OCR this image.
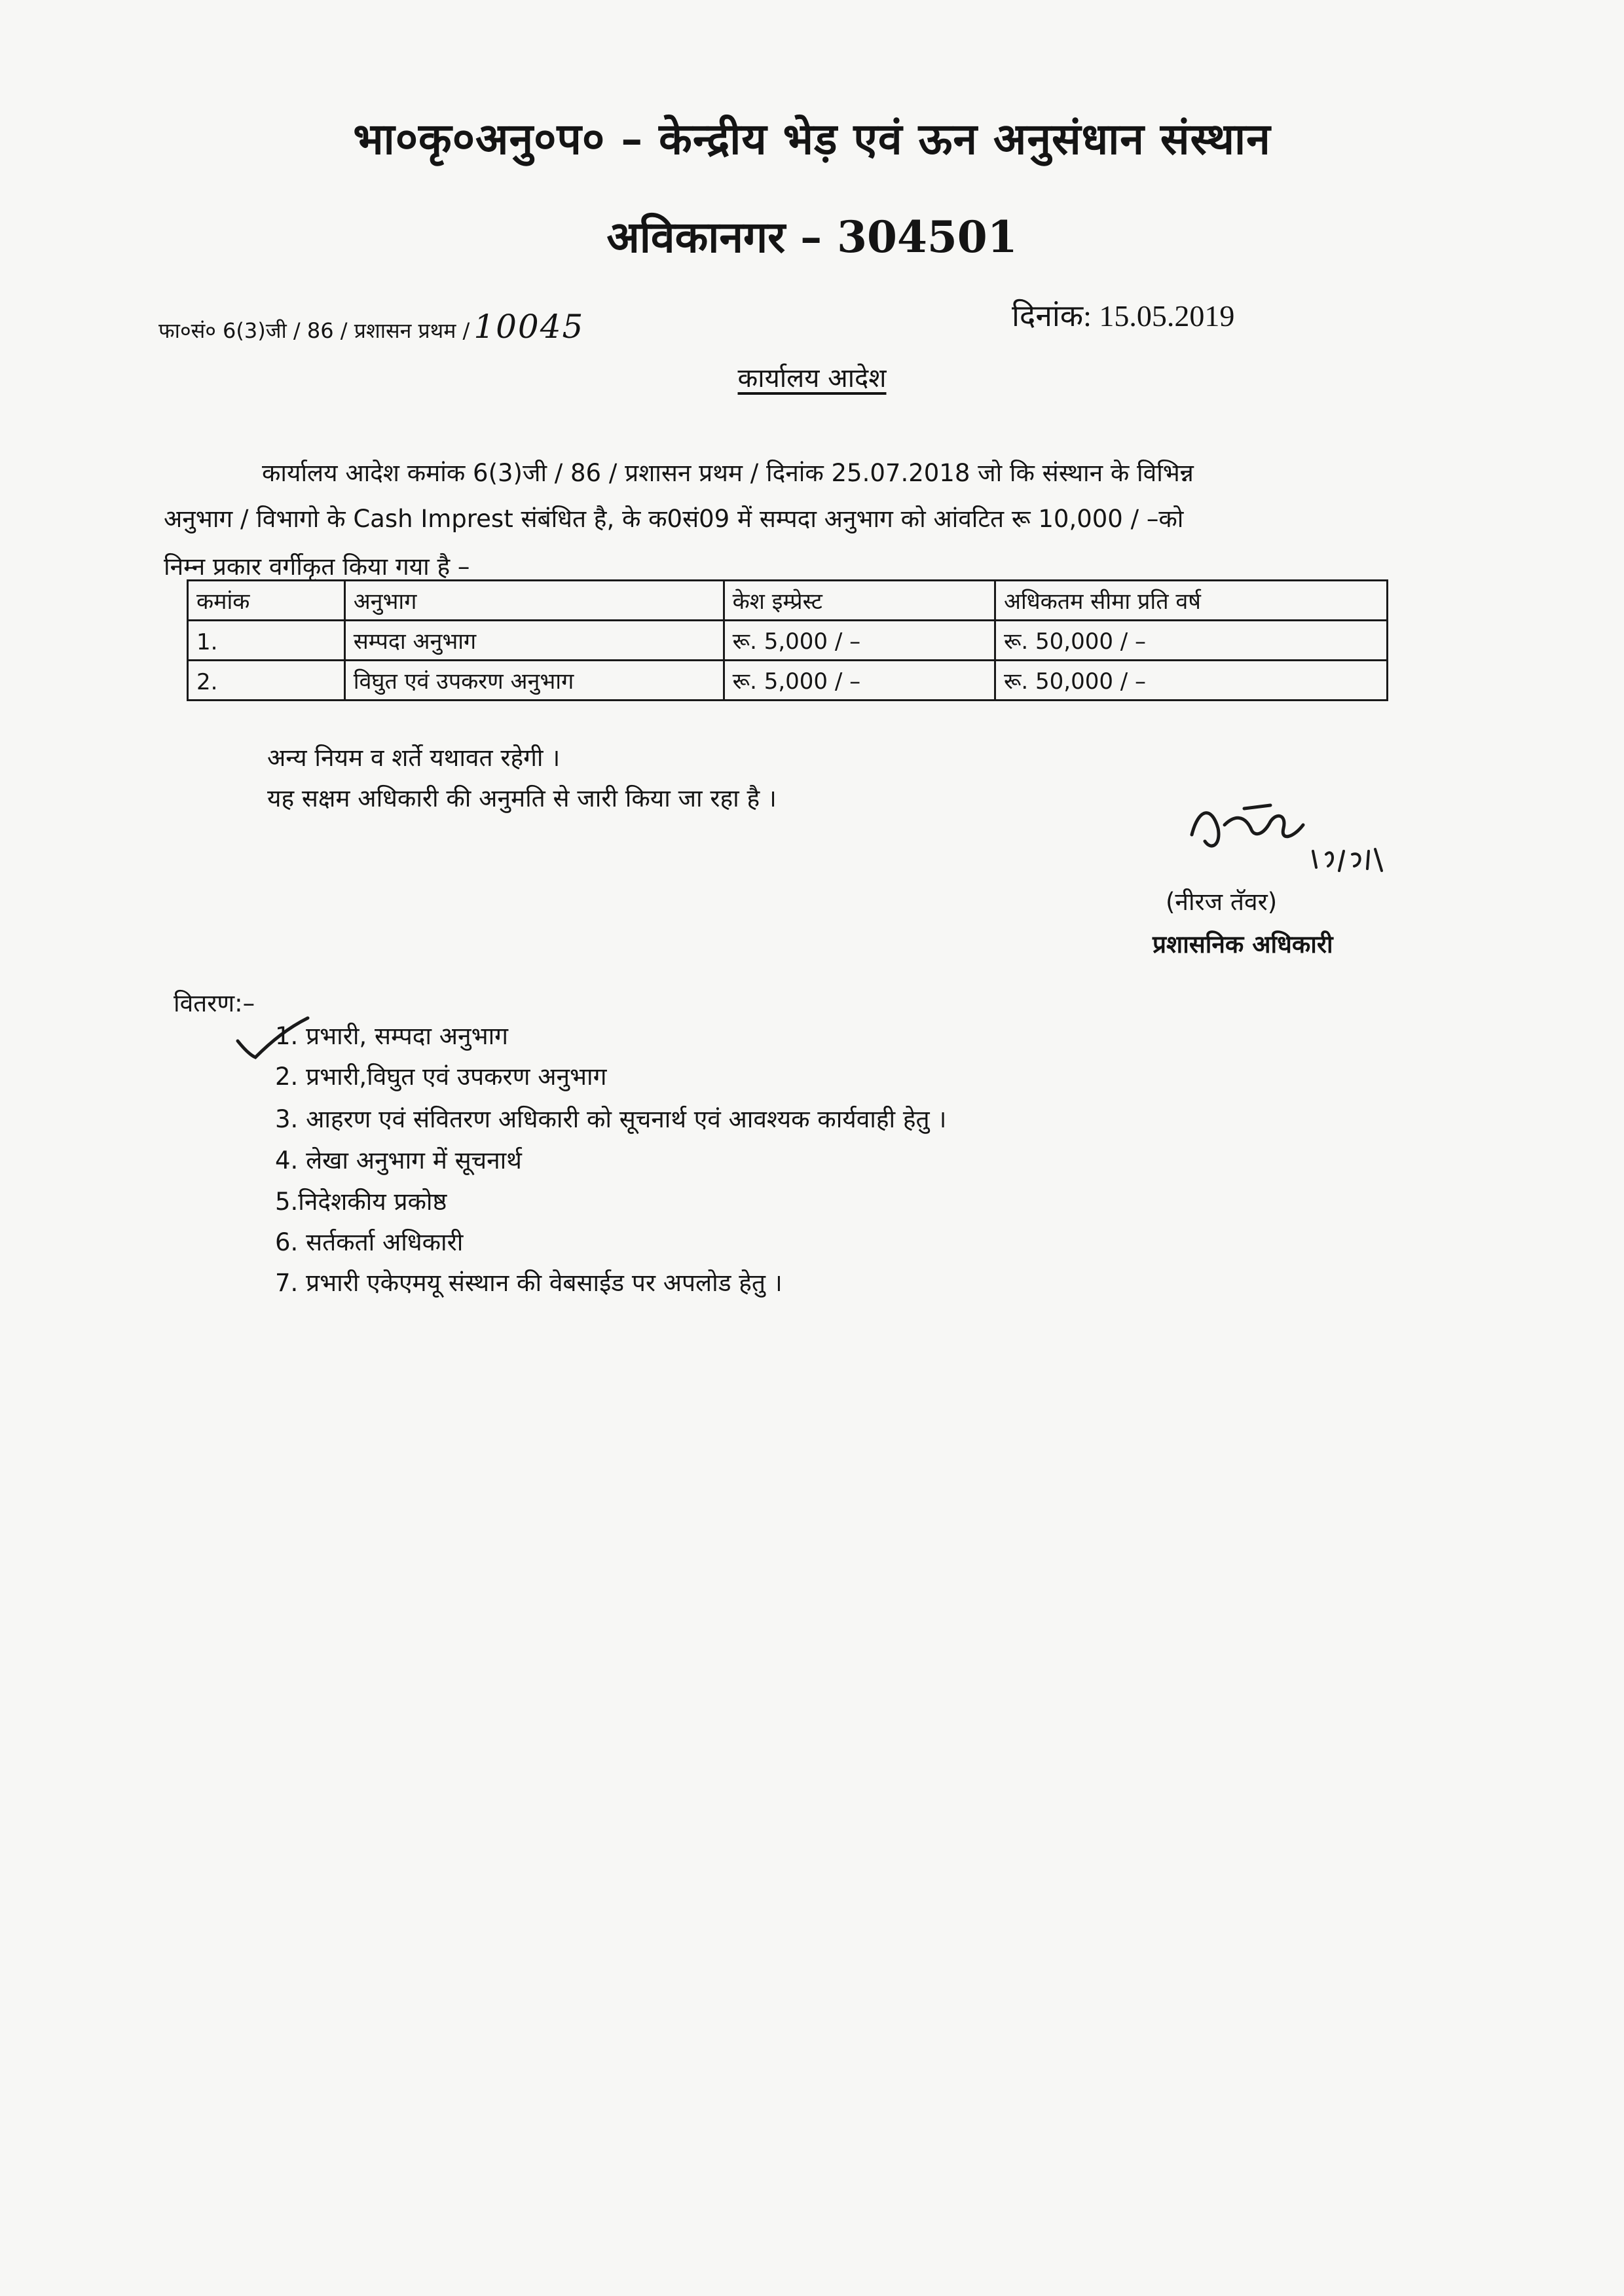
भा०कृ०अनु०प० – केन्द्रीय भेड़ एवं ऊन अनुसंधान संस्थान
अविकानगर – 304501
फा०सं० 6(3)जी / 86 / प्रशासन प्रथम / 10045	दिनांक: 15.05.2019
कार्यालय आदेश
कार्यालय आदेश कमांक 6(3)जी / 86 / प्रशासन प्रथम / दिनांक 25.07.2018 जो कि संस्थान के विभिन्न
अनुभाग / विभागो के Cash Imprest संबंधित है, के क0सं09 में सम्पदा अनुभाग को आंवटित रू 10,000 / –को
निम्न प्रकार वर्गीकृत किया गया है –
कमांक	अनुभाग	केश इम्प्रेस्ट	अधिकतम सीमा प्रति वर्ष
1.	सम्पदा अनुभाग	रू. 5,000 / –	रू. 50,000 / –
2.	विघुत एवं उपकरण अनुभाग	रू. 5,000 / –	रू. 50,000 / –
अन्य नियम व शर्ते यथावत रहेगी ।
यह सक्षम अधिकारी की अनुमति से जारी किया जा रहा है ।
(नीरज तॅवर)
प्रशासनिक अधिकारी
वितरण:–
1. प्रभारी, सम्पदा अनुभाग
2. प्रभारी,विघुत एवं उपकरण अनुभाग
3. आहरण एवं संवितरण अधिकारी को सूचनार्थ एवं आवश्यक कार्यवाही हेतु ।
4. लेखा अनुभाग में सूचनार्थ
5.निदेशकीय प्रकोष्ठ
6. सर्तकर्ता अधिकारी
7. प्रभारी एकेएमयू संस्थान की वेबसाईड पर अपलोड हेतु ।
